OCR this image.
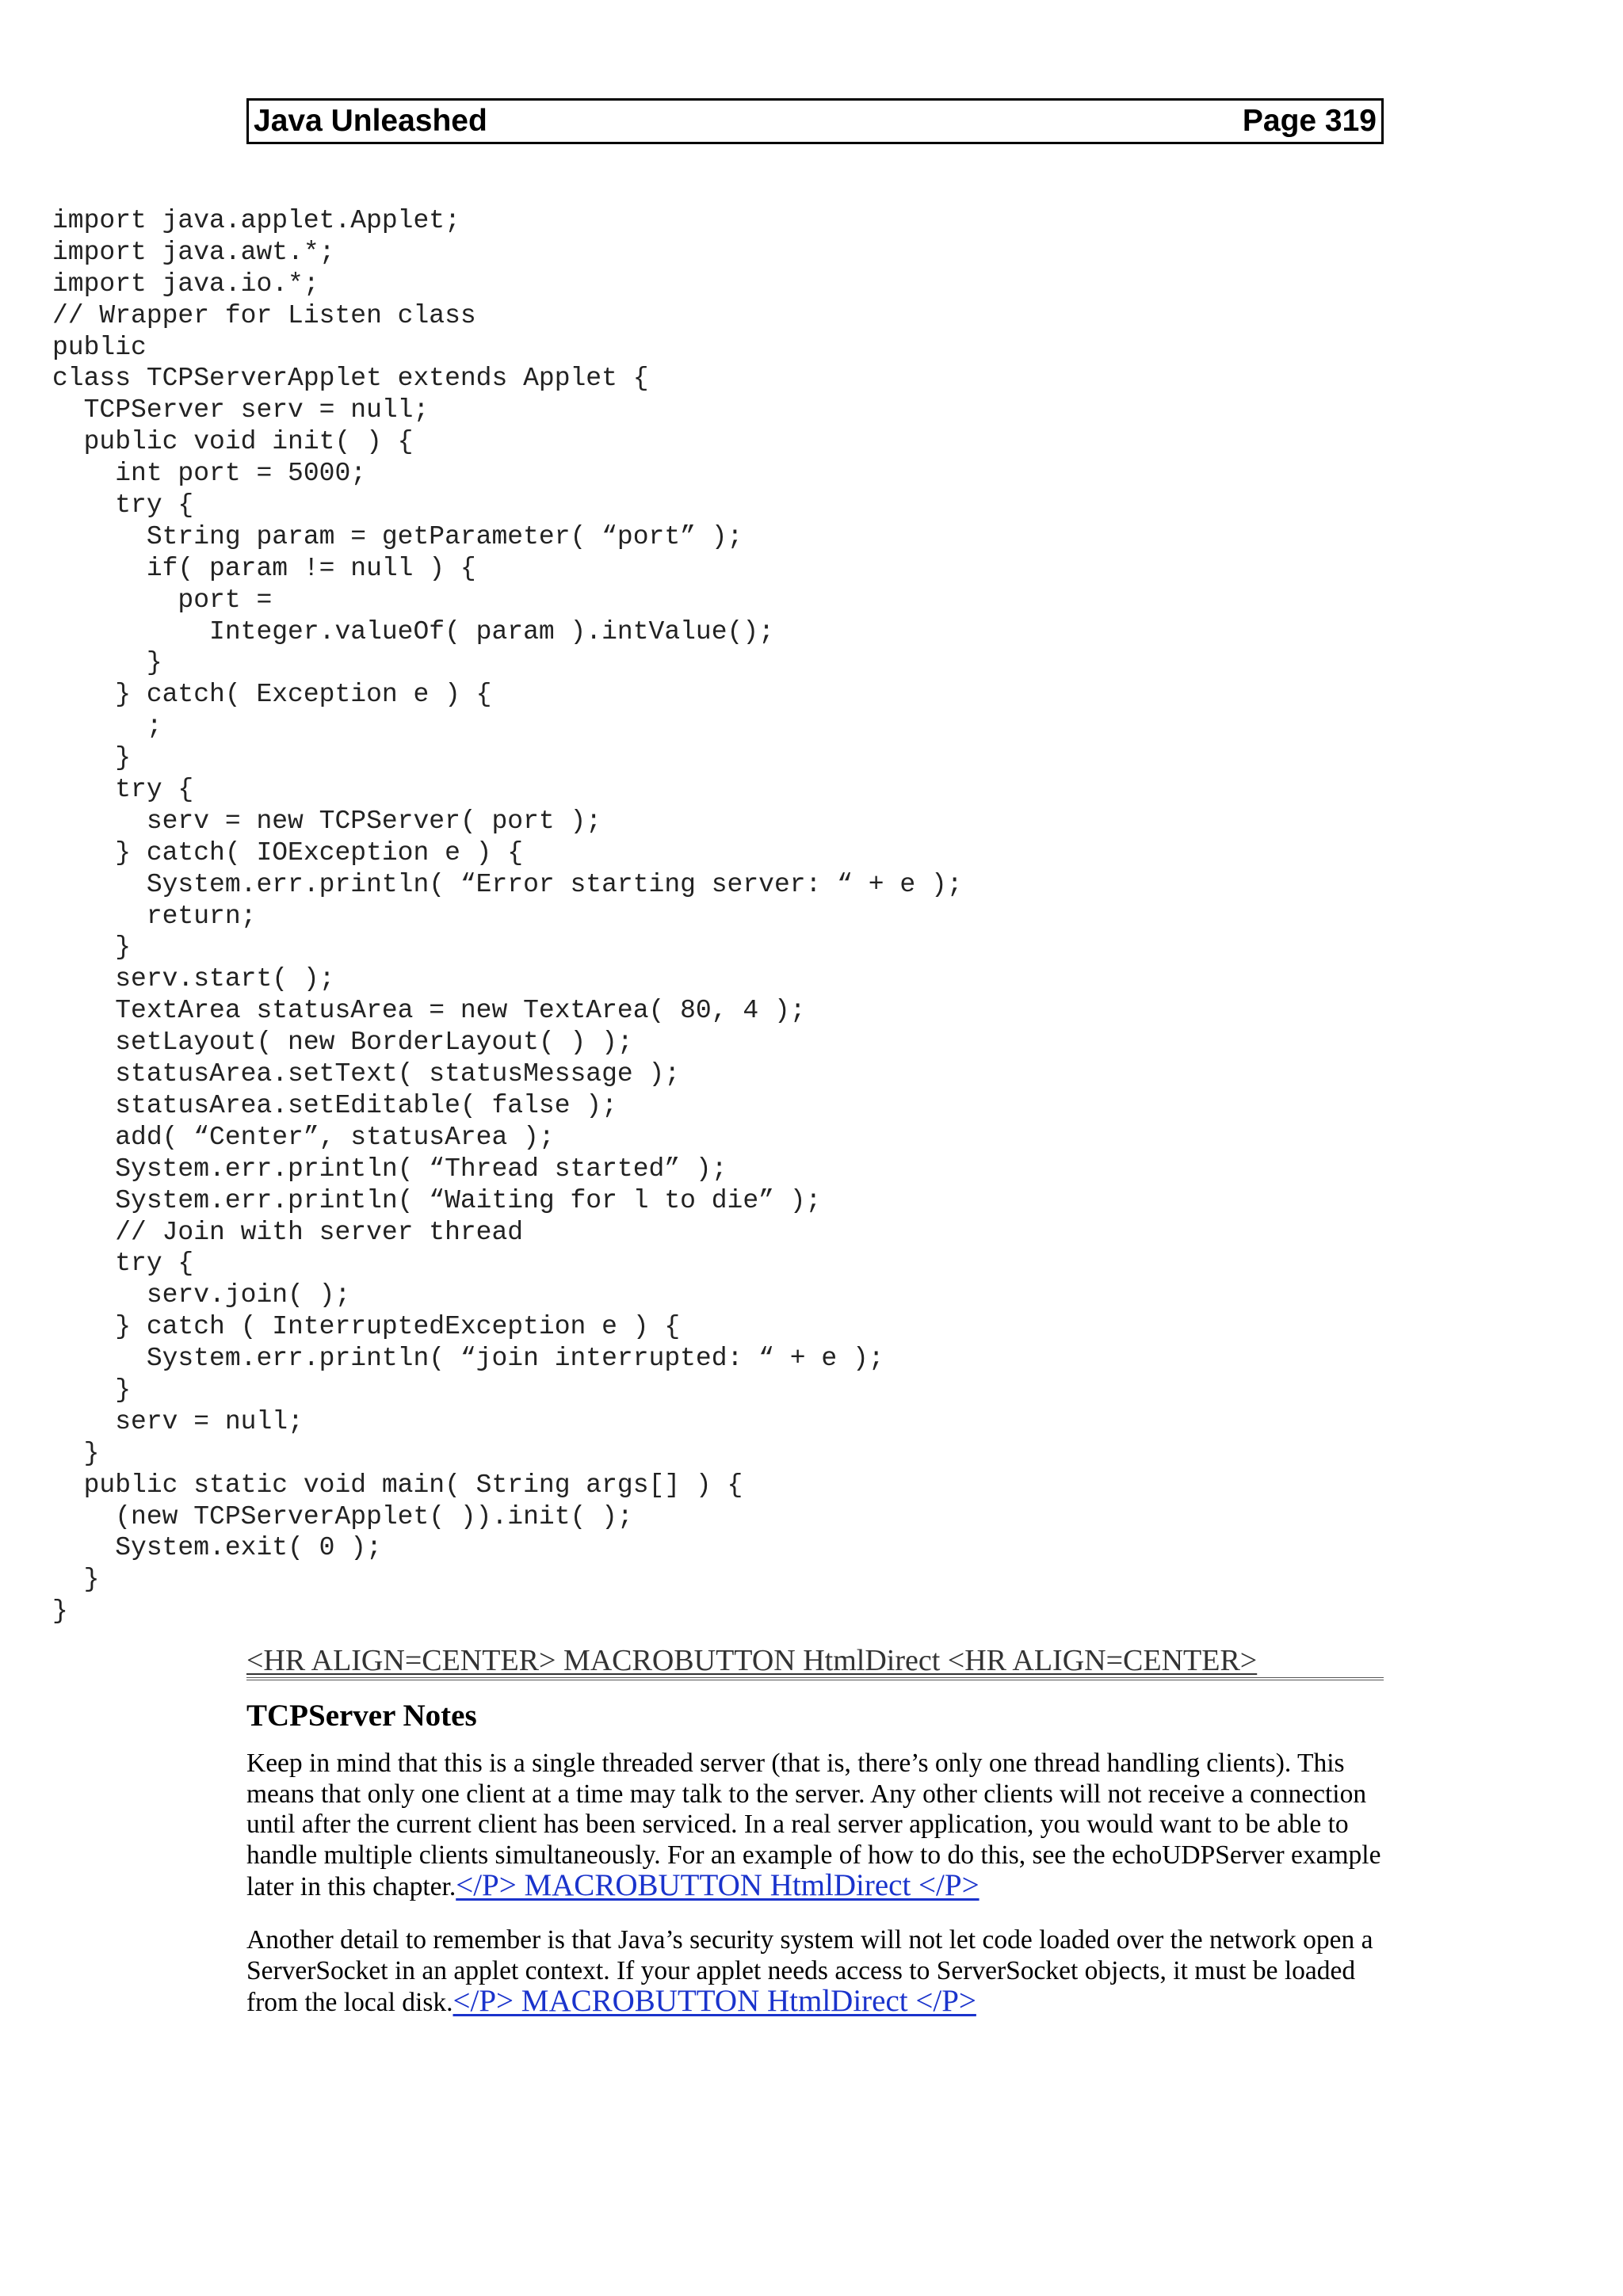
Java Unleashed	Page 319
import java.applet.Applet;
import java.awt.*;
import java.io.*;
// Wrapper for Listen class
public
class TCPServerApplet extends Applet {
TCPServer serv = null;
public void init( ) {
int port = 5000;
try {
String param = getParameter( “port” );
if( param != null ) {
port =
Integer.valueOf( param ).intValue();
}
} catch( Exception e ) {
;
}
try {
serv = new TCPServer( port );
} catch( IOException e ) {
System.err.println( “Error starting server: “ + e );
return;
}
serv.start( );
TextArea statusArea = new TextArea( 80, 4 );
setLayout( new BorderLayout( ) );
statusArea.setText( statusMessage );
statusArea.setEditable( false );
add( “Center”, statusArea );
System.err.println( “Thread started” );
System.err.println( “Waiting for l to die” );
// Join with server thread
try {
serv.join( );
} catch ( InterruptedException e ) {
System.err.println( “join interrupted: “ + e );
}
serv = null;
}
public static void main( String args[] ) {
(new TCPServerApplet( )).init( );
System.exit( 0 );
}
}
<HR ALIGN=CENTER> MACROBUTTON HtmlDirect <HR ALIGN=CENTER>
TCPServer Notes

Keep in mind that this is a single threaded server (that is, there’s only one thread handling clients). This means that only one client at a time may talk to the server. Any other clients will not receive a connection until after the current client has been serviced. In a real server application, you would want to be able to handle multiple clients simultaneously. For an example of how to do this, see the echoUDPServer example later in this chapter.</P> MACROBUTTON HtmlDirect </P>

Another detail to remember is that Java’s security system will not let code loaded over the network open a ServerSocket in an applet context. If your applet needs access to ServerSocket objects, it must be loaded from the local disk.</P> MACROBUTTON HtmlDirect </P>
